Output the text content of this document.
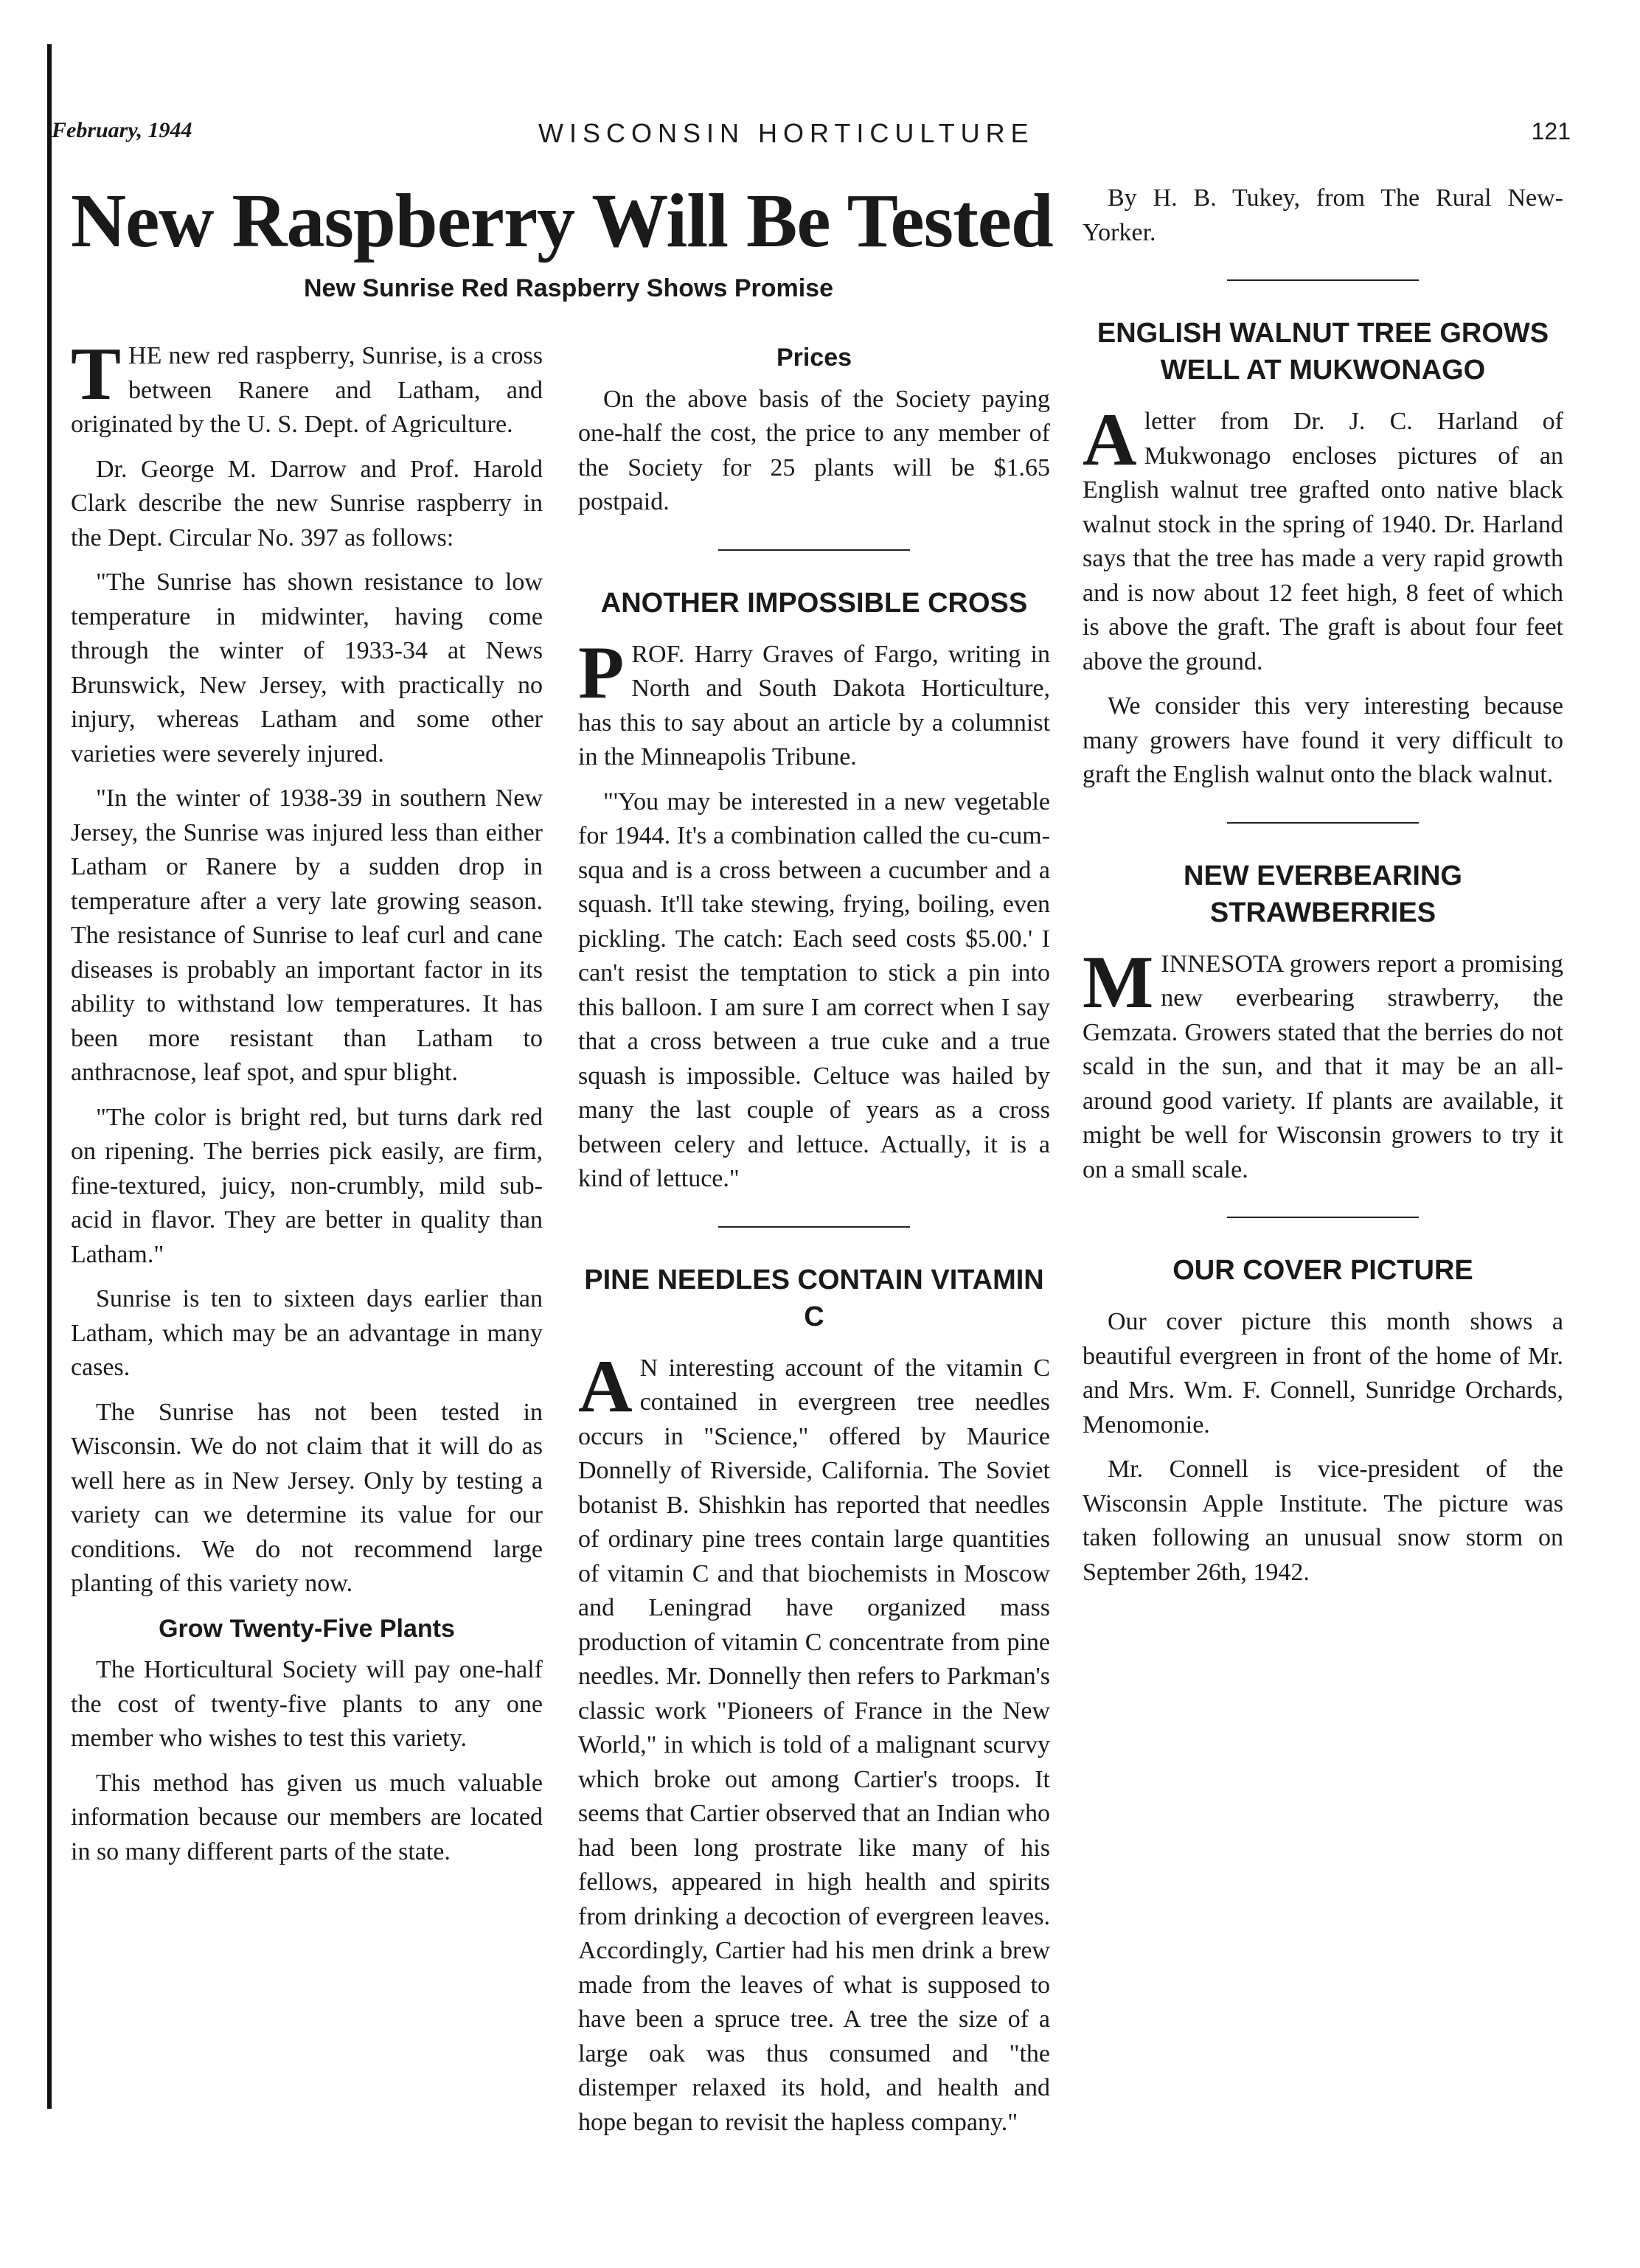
February, 1944	WISCONSIN HORTICULTURE	121
New Raspberry Will Be Tested
New Sunrise Red Raspberry Shows Promise

THE new red raspberry, Sunrise, is a cross between Ranere and Latham, and originated by the U. S. Dept. of Agriculture.

Dr. George M. Darrow and Prof. Harold Clark describe the new Sunrise raspberry in the Dept. Circular No. 397 as follows:

"The Sunrise has shown resistance to low temperature in midwinter, having come through the winter of 1933-34 at News Brunswick, New Jersey, with practically no injury, whereas Latham and some other varieties were severely injured.

"In the winter of 1938-39 in southern New Jersey, the Sunrise was injured less than either Latham or Ranere by a sudden drop in temperature after a very late growing season. The resistance of Sunrise to leaf curl and cane diseases is probably an important factor in its ability to withstand low temperatures. It has been more resistant than Latham to anthracnose, leaf spot, and spur blight.

"The color is bright red, but turns dark red on ripening. The berries pick easily, are firm, fine-textured, juicy, non-crumbly, mild sub-acid in flavor. They are better in quality than Latham."

Sunrise is ten to sixteen days earlier than Latham, which may be an advantage in many cases.

The Sunrise has not been tested in Wisconsin. We do not claim that it will do as well here as in New Jersey. Only by testing a variety can we determine its value for our conditions. We do not recommend large planting of this variety now.

Grow Twenty-Five Plants

The Horticultural Society will pay one-half the cost of twenty-five plants to any one member who wishes to test this variety.

This method has given us much valuable information because our members are located in so many different parts of the state.

Prices

On the above basis of the Society paying one-half the cost, the price to any member of the Society for 25 plants will be $1.65 postpaid.

ANOTHER IMPOSSIBLE CROSS

PROF. Harry Graves of Fargo, writing in North and South Dakota Horticulture, has this to say about an article by a columnist in the Minneapolis Tribune.

"'You may be interested in a new vegetable for 1944. It's a combination called the cu-cum-squa and is a cross between a cucumber and a squash. It'll take stewing, frying, boiling, even pickling. The catch: Each seed costs $5.00.' I can't resist the temptation to stick a pin into this balloon. I am sure I am correct when I say that a cross between a true cuke and a true squash is impossible. Celtuce was hailed by many the last couple of years as a cross between celery and lettuce. Actually, it is a kind of lettuce."

PINE NEEDLES CONTAIN VITAMIN C

A N interesting account of the vitamin C contained in evergreen tree needles occurs in "Science," offered by Maurice Donnelly of Riverside, California. The Soviet botanist B. Shishkin has reported that needles of ordinary pine trees contain large quantities of vitamin C and that biochemists in Moscow and Leningrad have organized mass production of vitamin C concentrate from pine needles. Mr. Donnelly then refers to Parkman's classic work "Pioneers of France in the New World," in which is told of a malignant scurvy which broke out among Cartier's troops. It seems that Cartier observed that an Indian who had been long prostrate like many of his fellows, appeared in high health and spirits from drinking a decoction of evergreen leaves. Accordingly, Cartier had his men drink a brew made from the leaves of what is supposed to have been a spruce tree. A tree the size of a large oak was thus consumed and "the distemper relaxed its hold, and health and hope began to revisit the hapless company."

By H. B. Tukey, from The Rural New-Yorker.

ENGLISH WALNUT TREE GROWS WELL AT MUKWONAGO

A letter from Dr. J. C. Harland of Mukwonago encloses pictures of an English walnut tree grafted onto native black walnut stock in the spring of 1940. Dr. Harland says that the tree has made a very rapid growth and is now about 12 feet high, 8 feet of which is above the graft. The graft is about four feet above the ground.

We consider this very interesting because many growers have found it very difficult to graft the English walnut onto the black walnut.

NEW EVERBEARING STRAWBERRIES

MINNESOTA growers report a promising new everbearing strawberry, the Gemzata. Growers stated that the berries do not scald in the sun, and that it may be an all-around good variety. If plants are available, it might be well for Wisconsin growers to try it on a small scale.

OUR COVER PICTURE

Our cover picture this month shows a beautiful evergreen in front of the home of Mr. and Mrs. Wm. F. Connell, Sunridge Orchards, Menomonie.

Mr. Connell is vice-president of the Wisconsin Apple Institute. The picture was taken following an unusual snow storm on September 26th, 1942.
